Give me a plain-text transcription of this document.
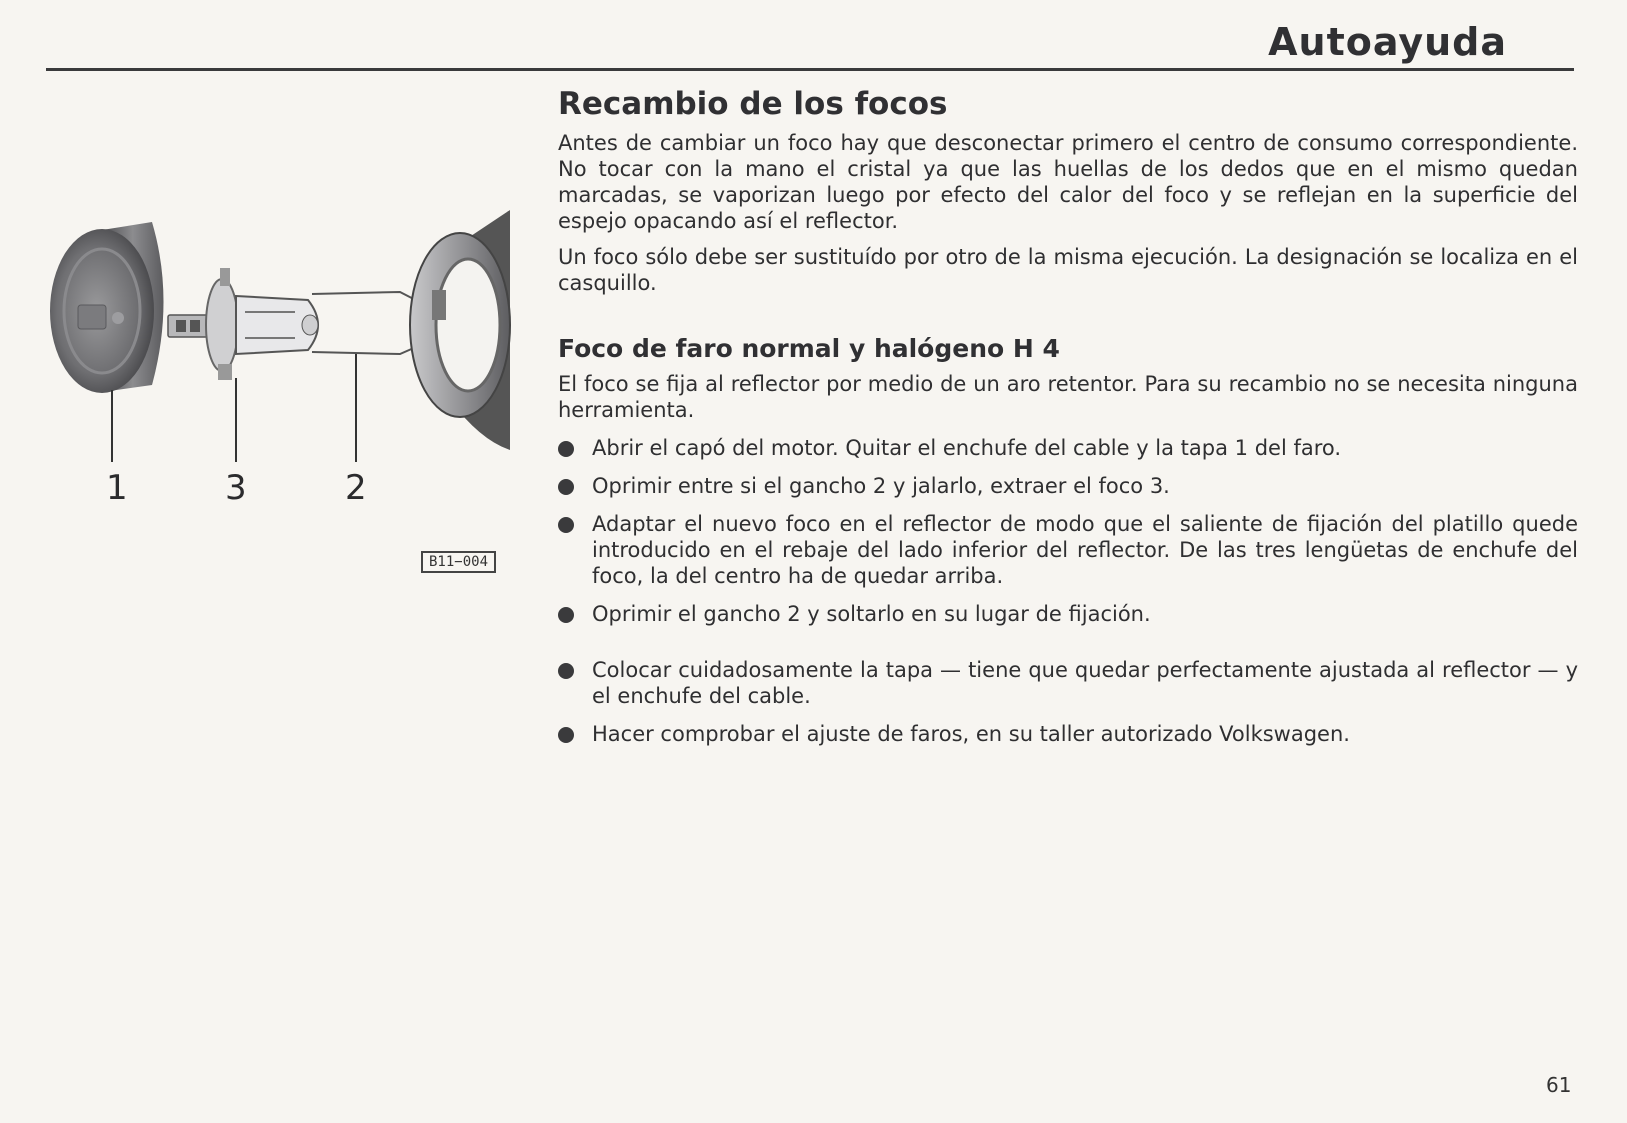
Autoayuda
1	3	2
B11−004
Recambio de los focos

Antes de cambiar un foco hay que desconectar primero el centro de consumo correspondiente. No tocar con la mano el cristal ya que las huellas de los dedos que en el mismo quedan marcadas, se vaporizan luego por efecto del calor del foco y se reflejan en la superficie del espejo opacando así el reflector.

Un foco sólo debe ser sustituído por otro de la misma ejecución. La designación se localiza en el casquillo.

Foco de faro normal y halógeno H 4

El foco se fija al reflector por medio de un aro retentor. Para su recambio no se necesita ninguna herramienta.

Abrir el capó del motor. Quitar el enchufe del cable y la tapa 1 del faro.
Oprimir entre si el gancho 2 y jalarlo, extraer el foco 3.
Adaptar el nuevo foco en el reflector de modo que el saliente de fijación del platillo quede introducido en el rebaje del lado inferior del reflector. De las tres lengüetas de enchufe del foco, la del centro ha de quedar arriba.
Oprimir el gancho 2 y soltarlo en su lugar de fijación.
Colocar cuidadosamente la tapa — tiene que quedar perfectamente ajustada al reflector — y el enchufe del cable.
Hacer comprobar el ajuste de faros, en su taller autorizado Volkswagen.
61
